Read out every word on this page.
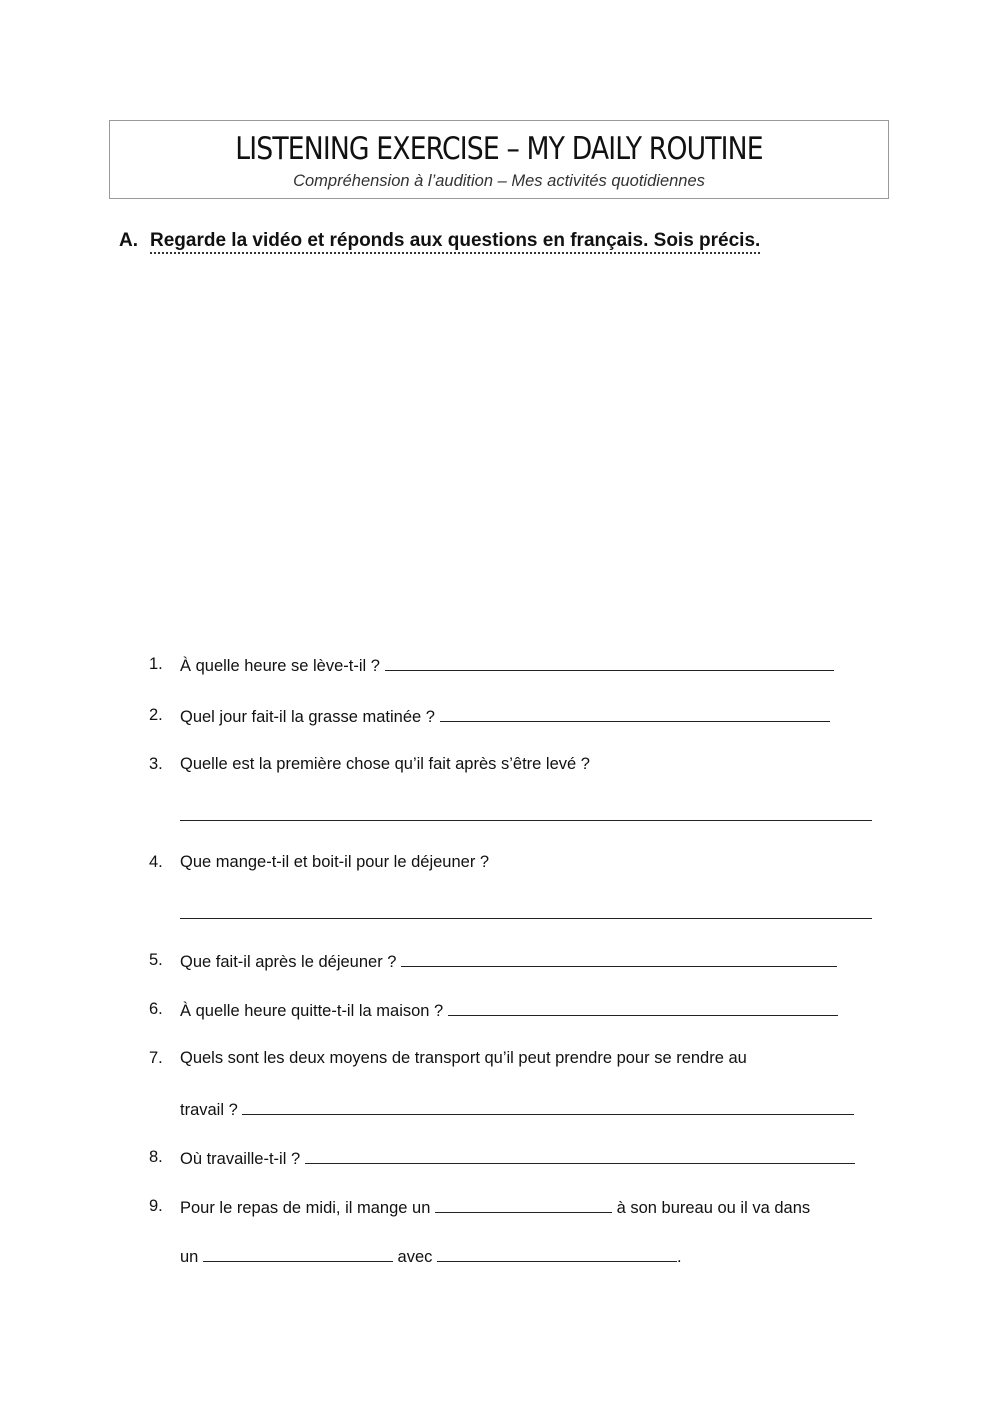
LISTENING EXERCISE – MY DAILY ROUTINE
Compréhension à l’audition – Mes activités quotidiennes
A. Regarde la vidéo et réponds aux questions en français. Sois précis.
1.	À quelle heure se lève-t-il ?
2. Quel jour fait-il la grasse matinée ?
3. Quelle est la première chose qu’il fait après s’être levé ?
4. Que mange-t-il et boit-il pour le déjeuner ?
5. Que fait-il après le déjeuner ?
6. À quelle heure quitte-t-il la maison ?
7. Quels sont les deux moyens de transport qu’il peut prendre pour se rendre au
travail ?
8. Où travaille-t-il ?
9. Pour le repas de midi, il mange un	à son bureau ou il va dans
un	avec	.
